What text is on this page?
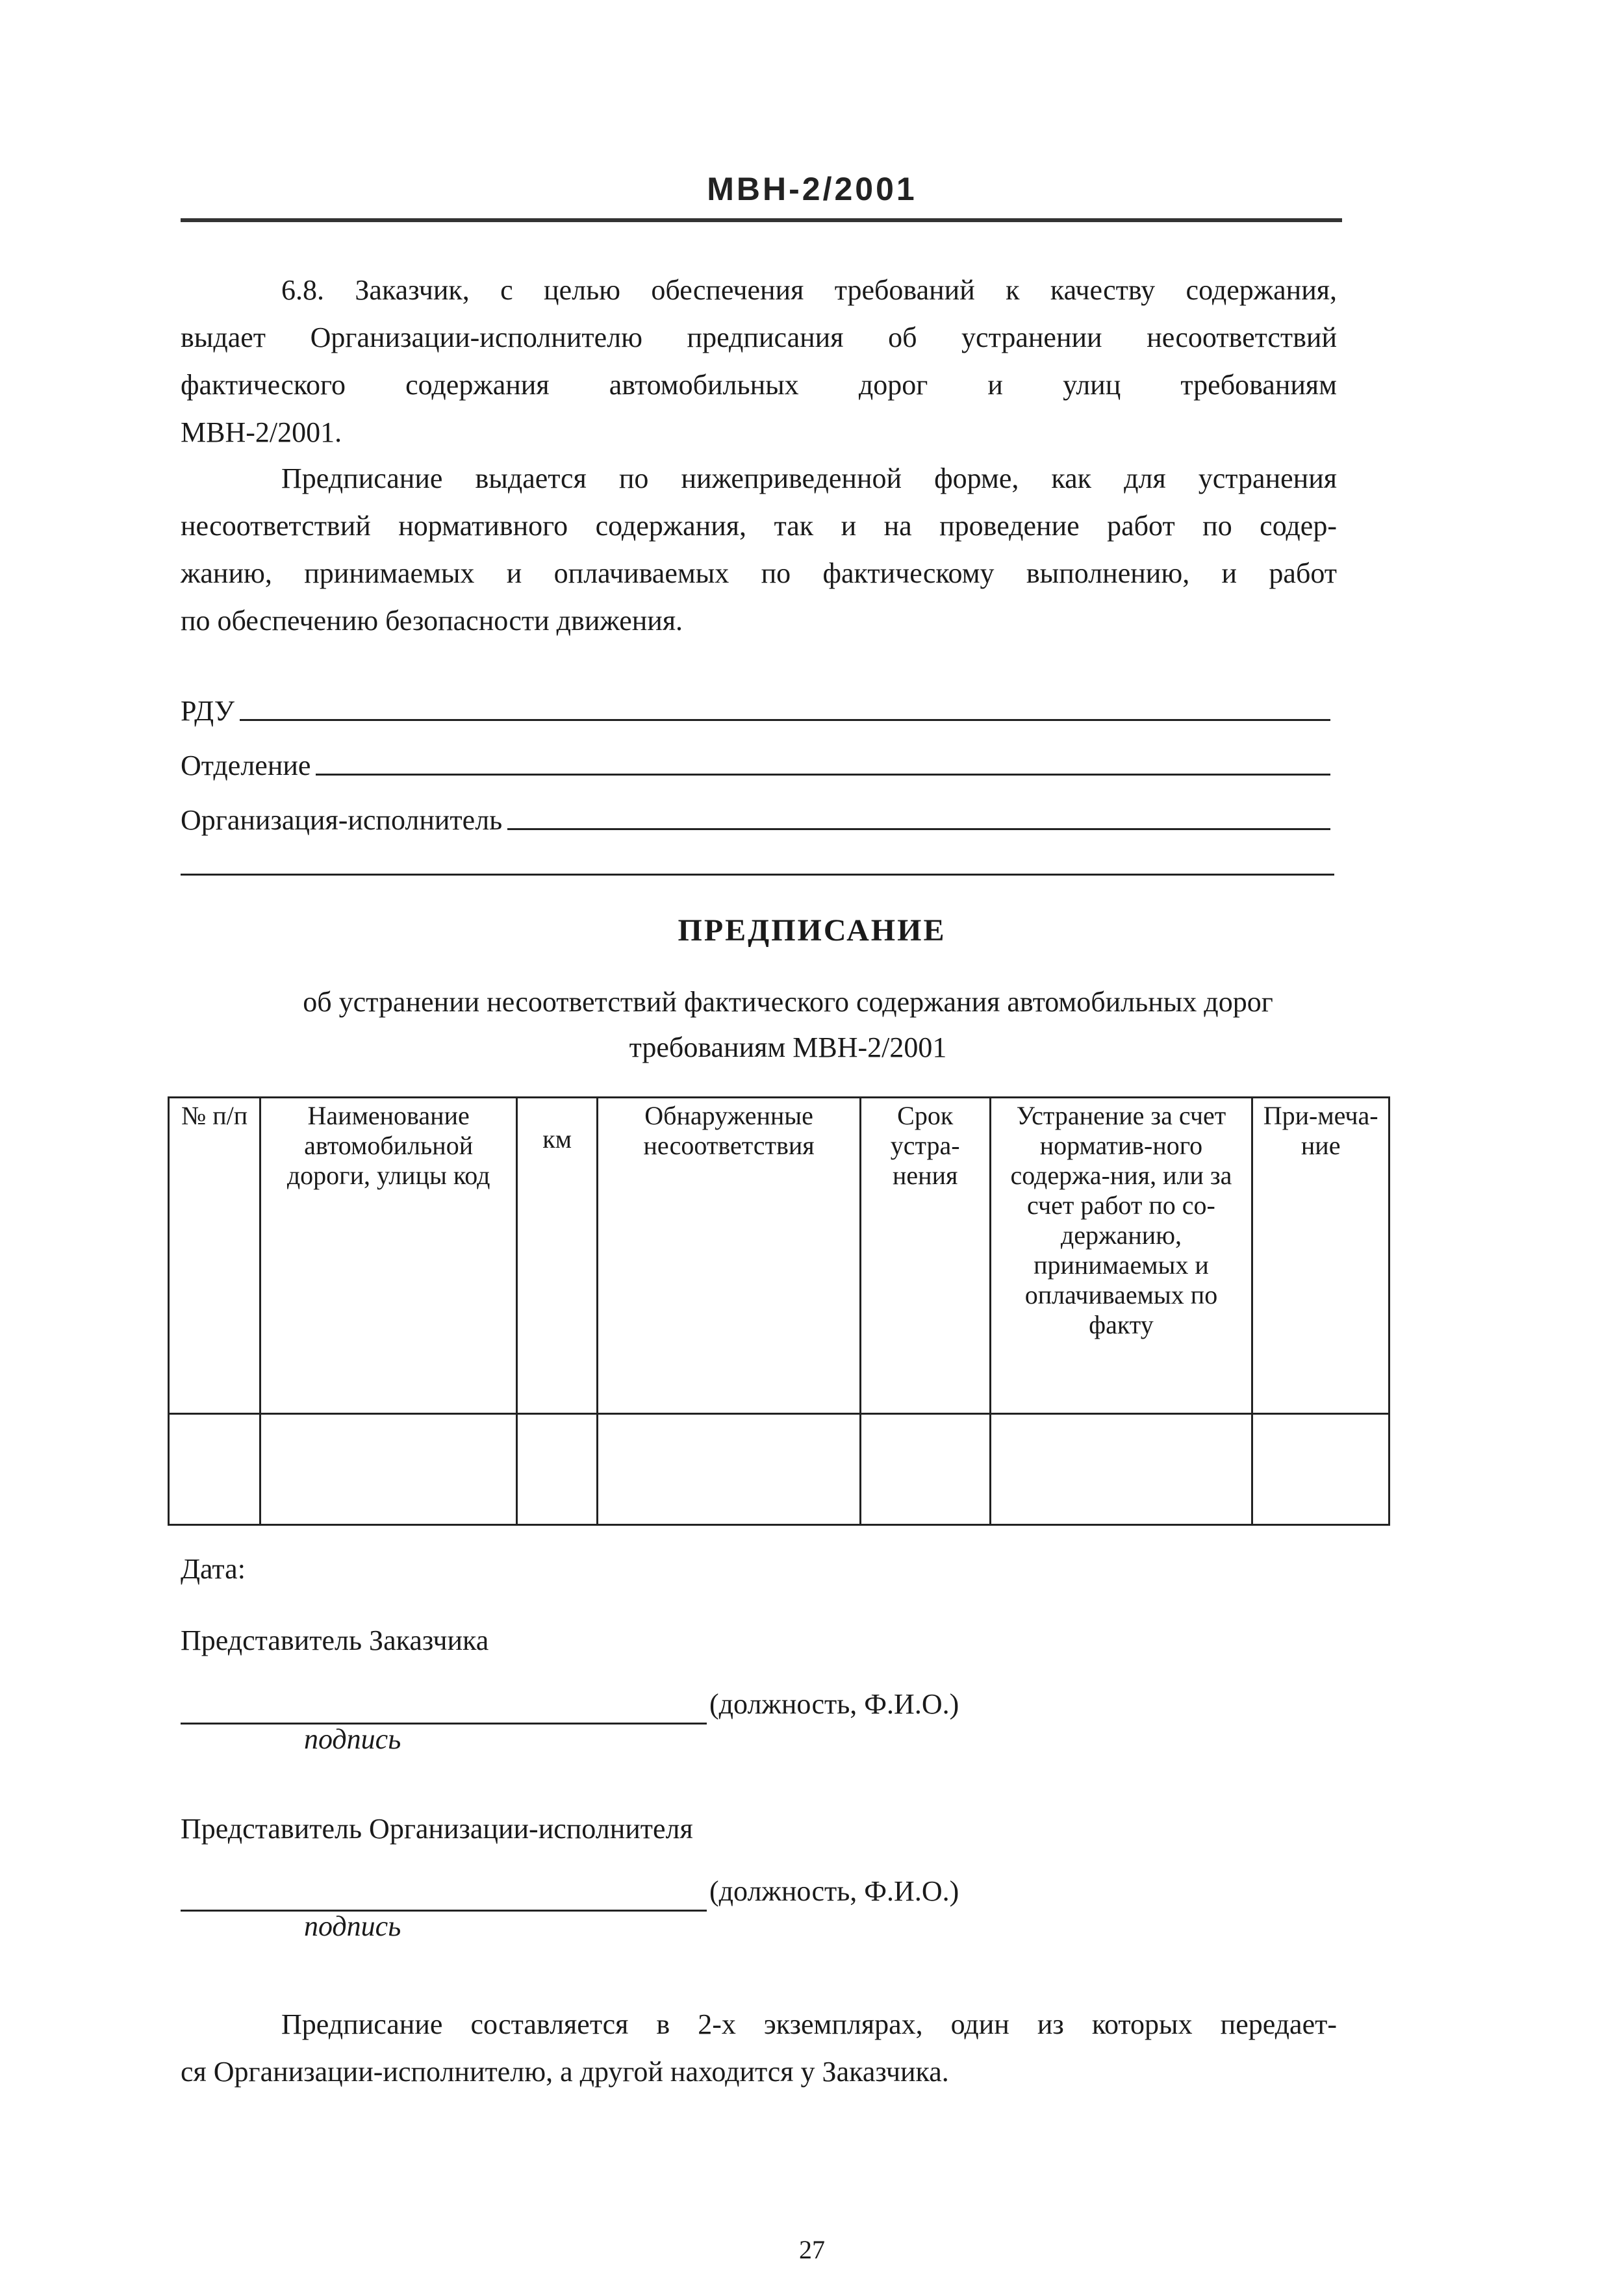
МВН-2/2001
6.8. Заказчик, с целью обеспечения требований к качеству содержания,
выдает Организации-исполнителю предписания об устранении несоответствий
фактического содержания автомобильных дорог и улиц требованиям
МВН-2/2001.
Предписание выдается по нижеприведенной форме, как для устранения
несоответствий нормативного содержания, так и на проведение работ по содер-
жанию, принимаемых и оплачиваемых по фактическому выполнению, и работ
по обеспечению безопасности движения.
РДУ
Отделение
Организация-исполнитель
ПРЕДПИСАНИЕ
об устранении несоответствий фактического содержания автомобильных дорог
требованиям МВН-2/2001
№ п/п	Наименование автомобильной дороги, улицы код	км	Обнаруженные несоответствия	Срок устра-нения	Устранение за счет норматив-ного содержа-ния, или за счет работ по со-держанию, принимаемых и оплачиваемых по факту	При-меча-ние

Дата:
Представитель Заказчика
(должность, Ф.И.О.)
подпись
Представитель Организации-исполнителя
(должность, Ф.И.О.)
подпись
Предписание составляется в 2-х экземплярах, один из которых передает-
ся Организации-исполнителю, а другой находится у Заказчика.
27
